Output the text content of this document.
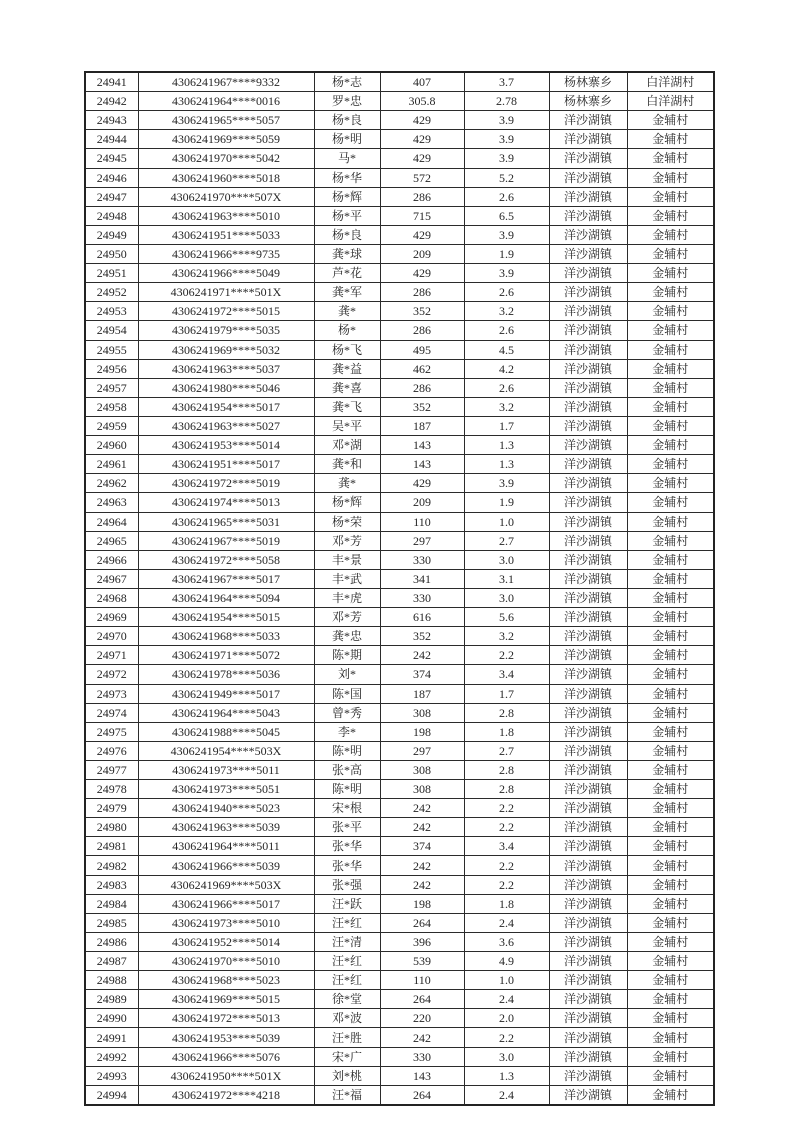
24941	4306241967****9332	杨*志	407	3.7	杨林寨乡	白洋湖村
24942	4306241964****0016	罗*忠	305.8	2.78	杨林寨乡	白洋湖村
24943	4306241965****5057	杨*良	429	3.9	洋沙湖镇	金辅村
24944	4306241969****5059	杨*明	429	3.9	洋沙湖镇	金辅村
24945	4306241970****5042	马*	429	3.9	洋沙湖镇	金辅村
24946	4306241960****5018	杨*华	572	5.2	洋沙湖镇	金辅村
24947	4306241970****507X	杨*辉	286	2.6	洋沙湖镇	金辅村
24948	4306241963****5010	杨*平	715	6.5	洋沙湖镇	金辅村
24949	4306241951****5033	杨*良	429	3.9	洋沙湖镇	金辅村
24950	4306241966****9735	龚*球	209	1.9	洋沙湖镇	金辅村
24951	4306241966****5049	芦*花	429	3.9	洋沙湖镇	金辅村
24952	4306241971****501X	龚*军	286	2.6	洋沙湖镇	金辅村
24953	4306241972****5015	龚*	352	3.2	洋沙湖镇	金辅村
24954	4306241979****5035	杨*	286	2.6	洋沙湖镇	金辅村
24955	4306241969****5032	杨*飞	495	4.5	洋沙湖镇	金辅村
24956	4306241963****5037	龚*益	462	4.2	洋沙湖镇	金辅村
24957	4306241980****5046	龚*喜	286	2.6	洋沙湖镇	金辅村
24958	4306241954****5017	龚*飞	352	3.2	洋沙湖镇	金辅村
24959	4306241963****5027	吴*平	187	1.7	洋沙湖镇	金辅村
24960	4306241953****5014	邓*湖	143	1.3	洋沙湖镇	金辅村
24961	4306241951****5017	龚*和	143	1.3	洋沙湖镇	金辅村
24962	4306241972****5019	龚*	429	3.9	洋沙湖镇	金辅村
24963	4306241974****5013	杨*辉	209	1.9	洋沙湖镇	金辅村
24964	4306241965****5031	杨*荣	110	1.0	洋沙湖镇	金辅村
24965	4306241967****5019	邓*芳	297	2.7	洋沙湖镇	金辅村
24966	4306241972****5058	丰*景	330	3.0	洋沙湖镇	金辅村
24967	4306241967****5017	丰*武	341	3.1	洋沙湖镇	金辅村
24968	4306241964****5094	丰*虎	330	3.0	洋沙湖镇	金辅村
24969	4306241954****5015	邓*芳	616	5.6	洋沙湖镇	金辅村
24970	4306241968****5033	龚*忠	352	3.2	洋沙湖镇	金辅村
24971	4306241971****5072	陈*期	242	2.2	洋沙湖镇	金辅村
24972	4306241978****5036	刘*	374	3.4	洋沙湖镇	金辅村
24973	4306241949****5017	陈*国	187	1.7	洋沙湖镇	金辅村
24974	4306241964****5043	曾*秀	308	2.8	洋沙湖镇	金辅村
24975	4306241988****5045	李*	198	1.8	洋沙湖镇	金辅村
24976	4306241954****503X	陈*明	297	2.7	洋沙湖镇	金辅村
24977	4306241973****5011	张*高	308	2.8	洋沙湖镇	金辅村
24978	4306241973****5051	陈*明	308	2.8	洋沙湖镇	金辅村
24979	4306241940****5023	宋*根	242	2.2	洋沙湖镇	金辅村
24980	4306241963****5039	张*平	242	2.2	洋沙湖镇	金辅村
24981	4306241964****5011	张*华	374	3.4	洋沙湖镇	金辅村
24982	4306241966****5039	张*华	242	2.2	洋沙湖镇	金辅村
24983	4306241969****503X	张*强	242	2.2	洋沙湖镇	金辅村
24984	4306241966****5017	汪*跃	198	1.8	洋沙湖镇	金辅村
24985	4306241973****5010	汪*红	264	2.4	洋沙湖镇	金辅村
24986	4306241952****5014	汪*清	396	3.6	洋沙湖镇	金辅村
24987	4306241970****5010	汪*红	539	4.9	洋沙湖镇	金辅村
24988	4306241968****5023	汪*红	110	1.0	洋沙湖镇	金辅村
24989	4306241969****5015	徐*堂	264	2.4	洋沙湖镇	金辅村
24990	4306241972****5013	邓*波	220	2.0	洋沙湖镇	金辅村
24991	4306241953****5039	汪*胜	242	2.2	洋沙湖镇	金辅村
24992	4306241966****5076	宋*广	330	3.0	洋沙湖镇	金辅村
24993	4306241950****501X	刘*桃	143	1.3	洋沙湖镇	金辅村
24994	4306241972****4218	汪*福	264	2.4	洋沙湖镇	金辅村
